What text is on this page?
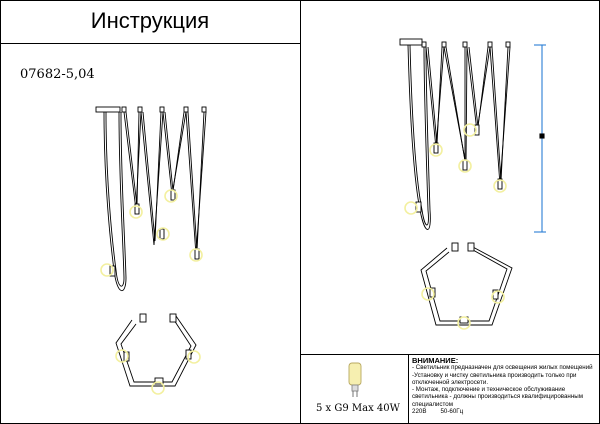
Инструкция
07682-5,04
5 x G9 Max 40W
ВНИМАНИЕ:
- Светильник предназначен для освещения жилых помещений
-Установку и чистку светильника производить только при отключенной электросети.
- Монтаж, подключение и техническое обслуживание светильника - должны производиться квалифицированным специалистом
220В 50-60Гц
